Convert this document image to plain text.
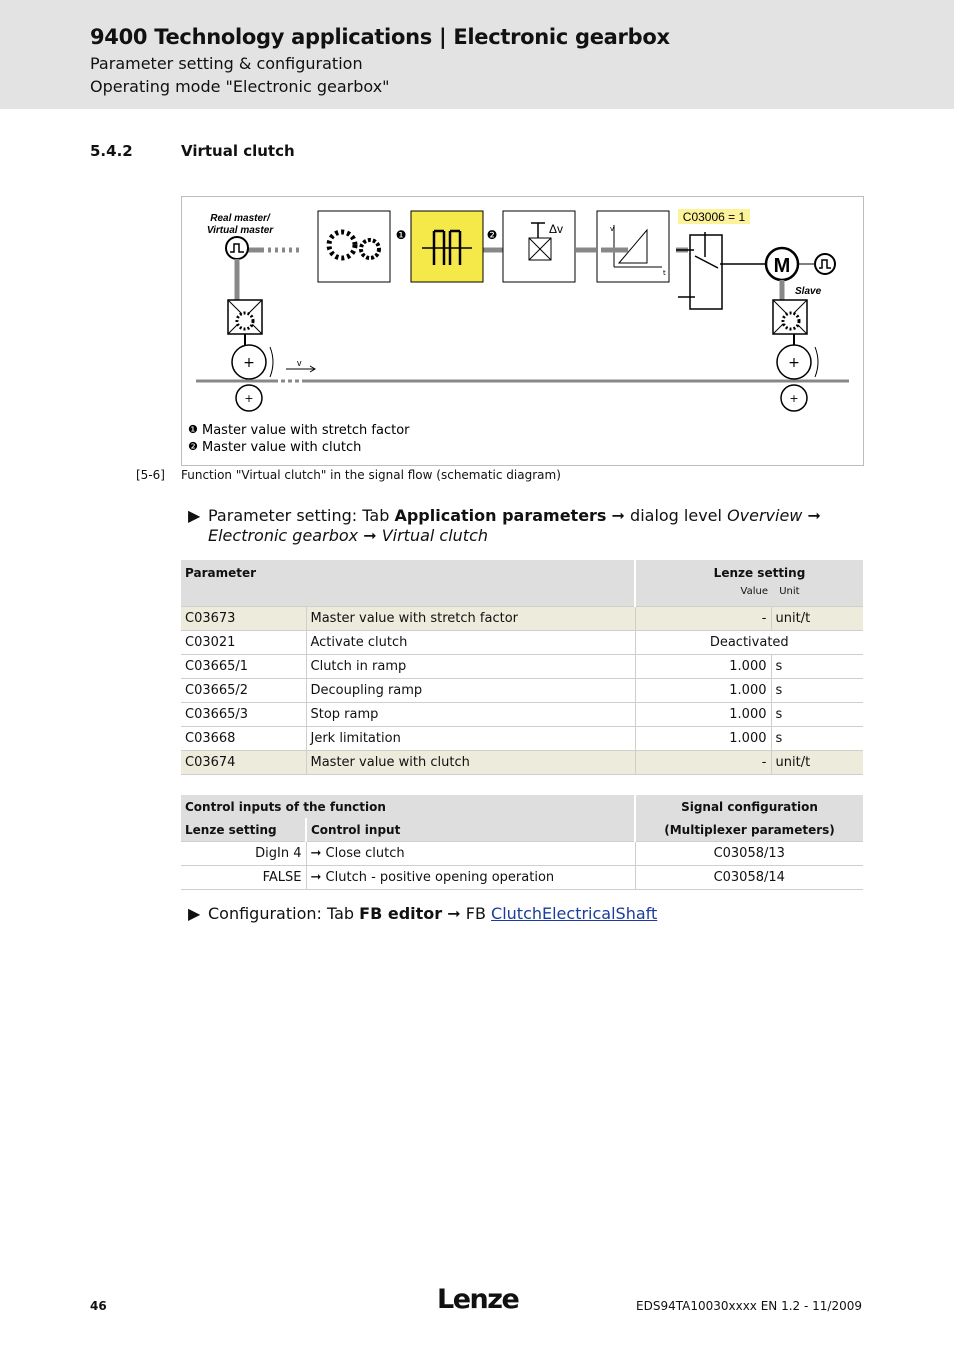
9400 Technology applications | Electronic gearbox
Parameter setting & configuration
Operating mode "Electronic gearbox"
5.4.2	Virtual clutch
Real master/
Virtual master
+
+
v
❶	❷	Δv	v
t
C03006 = 1
M
Slave
+
+
❶ Master value with stretch factor
❷ Master value with clutch
[5-6] Function "Virtual clutch" in the signal flow (schematic diagram)
▶ Parameter setting: Tab Application parameters ➞ dialog level Overview ➞ Electronic gearbox ➞ Virtual clutch
Parameter		Lenze setting
Value Unit	

C03673	Master value with stretch factor	-	unit/t
C03021	Activate clutch	Deactivated	
C03665/1	Clutch in ramp	1.000	s
C03665/2	Decoupling ramp	1.000	s
C03665/3	Stop ramp	1.000	s
C03668	Jerk limitation	1.000	s
C03674	Master value with clutch	-	unit/t
Control inputs of the function		Signal configuration
Lenze setting	Control input	(Multiplexer parameters)
DigIn 4	➞ Close clutch	C03058/13
FALSE	➞ Clutch - positive opening operation	C03058/14
▶ Configuration: Tab FB editor ➞ FB ClutchElectricalShaft
46	Lenze	EDS94TA10030xxxx EN 1.2 - 11/2009
